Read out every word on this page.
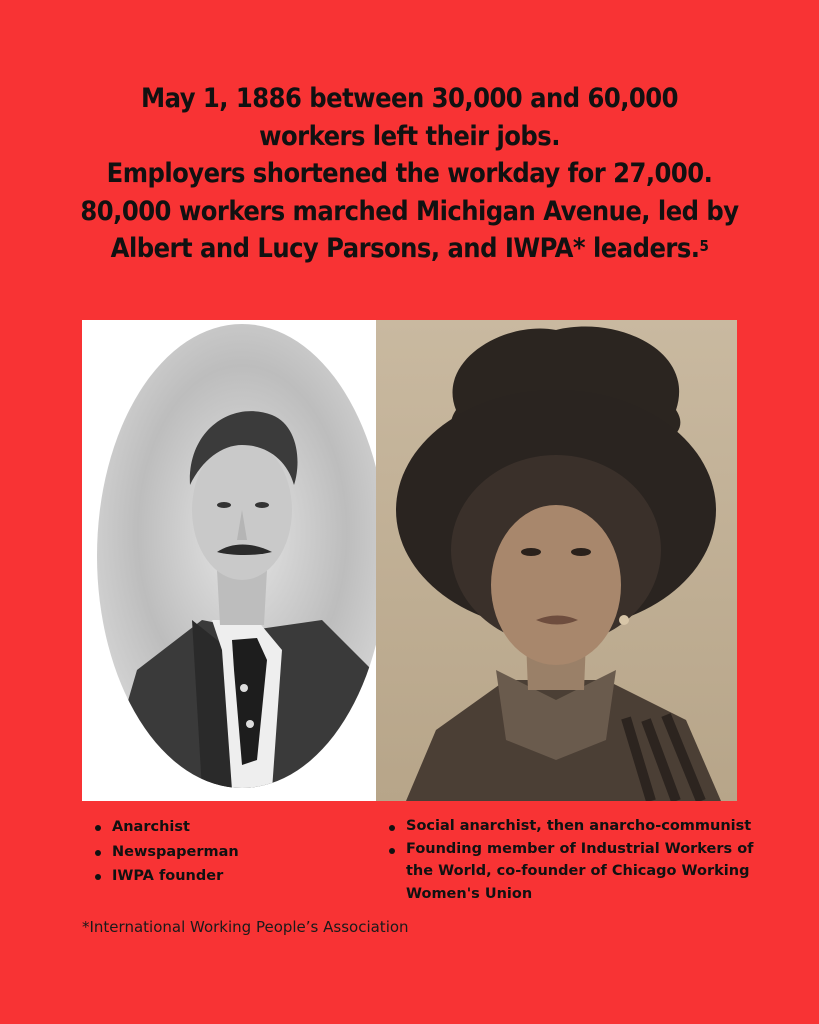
May 1, 1886 between 30,000 and 60,000
workers left their jobs.
Employers shortened the workday for 27,000.
80,000 workers marched Michigan Avenue, led by
Albert and Lucy Parsons, and IWPA* leaders.$^5$
Anarchist
Newspaperman
IWPA founder
Social anarchist, then anarcho-communist
Founding member of Industrial Workers of
the World, co-founder of Chicago Working
Women's Union
*International Working People’s Association
